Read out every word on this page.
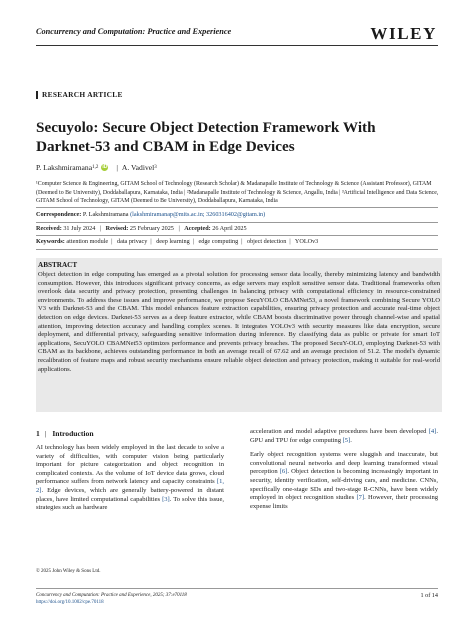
Concurrency and Computation: Practice and Experience	WILEY
RESEARCH ARTICLE
Secuyolo: Secure Object Detection Framework With Darknet-53 and CBAM in Edge Devices
P. Lakshmiramana 1,2 iD | A. Vadivel 3
¹Computer Science & Engineering, GITAM School of Technology (Research Scholar) & Madanapalle Institute of Technology & Science (Assistant Professor), GITAM (Deemed to Be University), Doddaballapura, Karnataka, India | ²Madanapalle Institute of Technology & Science, Angallu, India | ³Artificial Intelligence and Data Science, GITAM School of Technology, GITAM (Deemed to Be University), Doddaballapura, Karnataka, India
Correspondence: P. Lakshmiramana (lakshmiramanap@mits.ac.in; 3260316402@gitam.in)
Received: 31 July 2024 | Revised: 25 February 2025 | Accepted: 26 April 2025
Keywords: attention module | data privacy | deep learning | edge computing | object detection | YOLOv3
ABSTRACT

Object detection in edge computing has emerged as a pivotal solution for processing sensor data locally, thereby minimizing latency and bandwidth consumption. However, this introduces significant privacy concerns, as edge servers may exploit sensitive sensor data. Traditional frameworks often overlook data security and privacy protection, presenting challenges in balancing privacy with computational efficiency in resource-constrained environments. To address these issues and improve performance, we propose SecuYOLO CBAMNet53, a novel framework combining Secure YOLO V3 with Darknet-53 and the CBAM. This model enhances feature extraction capabilities, ensuring privacy protection and accurate real-time object detection on edge devices. Darknet-53 serves as a deep feature extractor, while CBAM boosts discriminative power through channel-wise and spatial attention, improving detection accuracy and handling complex scenes. It integrates YOLOv3 with security measures like data encryption, secure deployment, and differential privacy, safeguarding sensitive information during inference. By classifying data as public or private for smart IoT applications, SecuYOLO CBAMNet53 optimizes performance and prevents privacy breaches. The proposed SecuY-OLO, employing Darknet-53 with CBAM as its backbone, achieves outstanding performance in both an average recall of 67.62 and an average precision of 51.2. The model's dynamic recalibration of feature maps and robust security mechanisms ensure reliable object detection and privacy protection, making it suitable for real-world applications.

1 | Introduction

AI technology has been widely employed in the last decade to solve a variety of difficulties, with computer vision being particularly important for picture categorization and object recognition in complicated contexts. As the volume of IoT device data grows, cloud performance suffers from network latency and capacity constraints [1, 2]. Edge devices, which are generally battery-powered in distant places, have limited computational capabilities [3]. To solve this issue, strategies such as hardware

acceleration and model adaptive procedures have been developed [4]. GPU and TPU for edge computing [5].

Early object recognition systems were sluggish and inaccurate, but convolutional neural networks and deep learning transformed visual perception [6]. Object detection is becoming increasingly important in security, identity verification, self-driving cars, and medicine. CNNs, specifically one-stage SDs and two-stage R-CNNs, have been widely employed in object recognition studies [7]. However, their processing expense limits

© 2025 John Wiley & Sons Ltd.
Concurrency and Computation: Practice and Experience, 2025; 37:e70118
https://doi.org/10.1002/cpe.70118
1 of 14
